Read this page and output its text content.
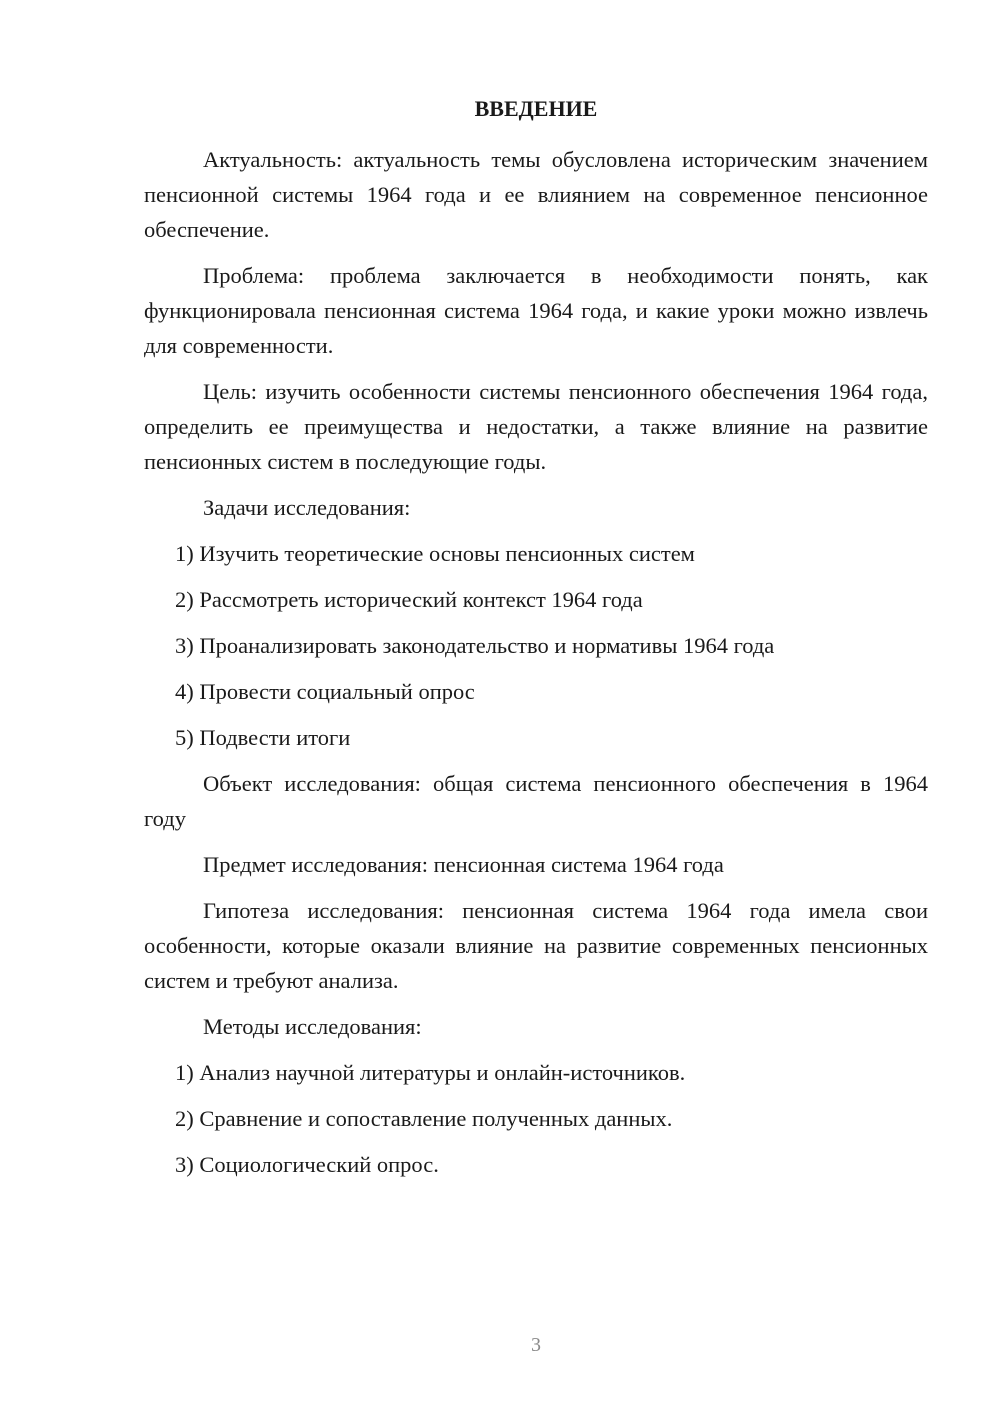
ВВЕДЕНИЕ
Актуальность: актуальность темы обусловлена историческим значением пенсионной системы 1964 года и ее влиянием на современное пенсионное обеспечение.
Проблема: проблема заключается в необходимости понять, как функционировала пенсионная система 1964 года, и какие уроки можно извлечь для современности.
Цель: изучить особенности системы пенсионного обеспечения 1964 года, определить ее преимущества и недостатки, а также влияние на развитие пенсионных систем в последующие годы.
Задачи исследования:
1) Изучить теоретические основы пенсионных систем
2) Рассмотреть исторический контекст 1964 года
3) Проанализировать законодательство и нормативы 1964 года
4) Провести социальный опрос
5) Подвести итоги
Объект исследования: общая система пенсионного обеспечения в 1964 году
Предмет исследования: пенсионная система 1964 года
Гипотеза исследования: пенсионная система 1964 года имела свои особенности, которые оказали влияние на развитие современных пенсионных систем и требуют анализа.
Методы исследования:
1) Анализ научной литературы и онлайн-источников.
2) Сравнение и сопоставление полученных данных.
3) Социологический опрос.
3
